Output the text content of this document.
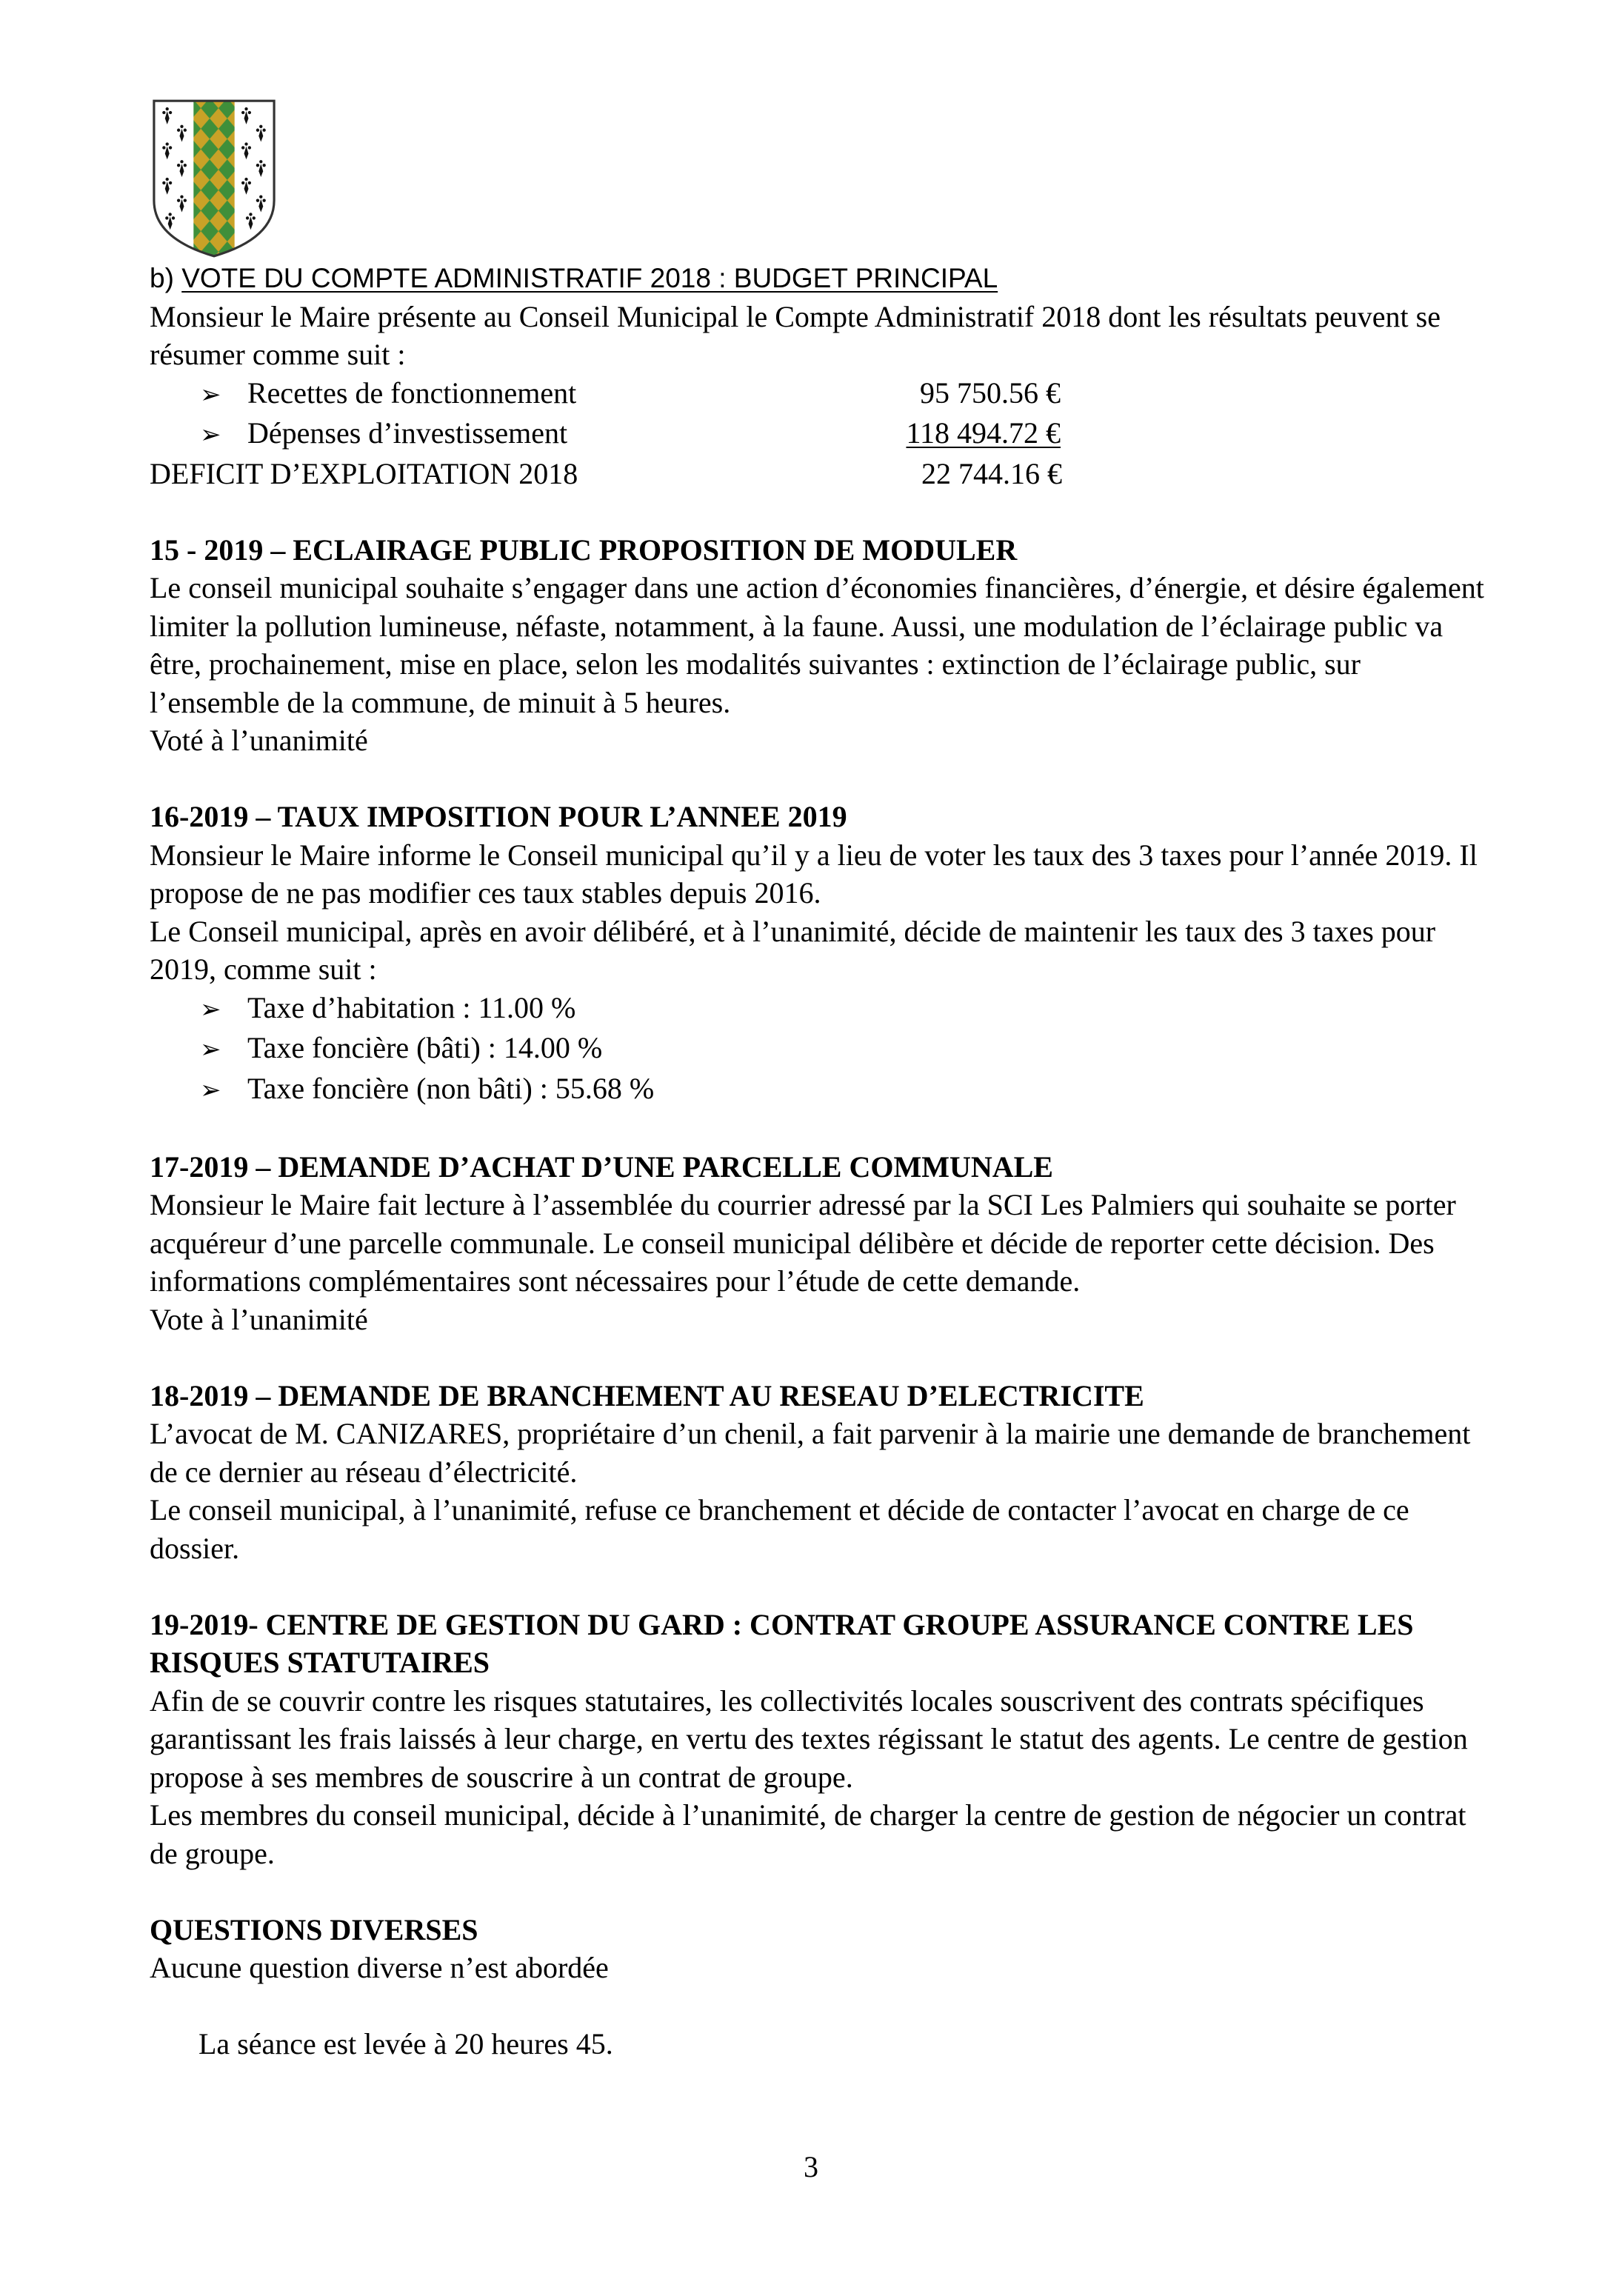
b) VOTE DU COMPTE ADMINISTRATIF 2018 : BUDGET PRINCIPAL

Monsieur le Maire présente au Conseil Municipal le Compte Administratif 2018 dont les résultats peuvent se résumer comme suit :

➢ Recettes de fonctionnement	95 750.56 €
➢ Dépenses d’investissement	118 494.72 €
DEFICIT D’EXPLOITATION 2018	22 744.16 €

15 - 2019 – ECLAIRAGE PUBLIC PROPOSITION DE MODULER

Le conseil municipal souhaite s’engager dans une action d’économies financières, d’énergie, et désire également limiter la pollution lumineuse, néfaste, notamment, à la faune. Aussi, une modulation de l’éclairage public va être, prochainement, mise en place, selon les modalités suivantes : extinction de l’éclairage public, sur l’ensemble de la commune, de minuit à 5 heures.

Voté à l’unanimité

16-2019 – TAUX IMPOSITION POUR L’ANNEE 2019

Monsieur le Maire informe le Conseil municipal qu’il y a lieu de voter les taux des 3 taxes pour l’année 2019. Il propose de ne pas modifier ces taux stables depuis 2016.

Le Conseil municipal, après en avoir délibéré, et à l’unanimité, décide de maintenir les taux des 3 taxes pour 2019, comme suit :

➢ Taxe d’habitation : 11.00 %
➢ Taxe foncière (bâti) : 14.00 %
➢ Taxe foncière (non bâti) : 55.68 %

17-2019 – DEMANDE D’ACHAT D’UNE PARCELLE COMMUNALE

Monsieur le Maire fait lecture à l’assemblée du courrier adressé par la SCI Les Palmiers qui souhaite se porter acquéreur d’une parcelle communale. Le conseil municipal délibère et décide de reporter cette décision. Des informations complémentaires sont nécessaires pour l’étude de cette demande.

Vote à l’unanimité

18-2019 – DEMANDE DE BRANCHEMENT AU RESEAU D’ELECTRICITE

L’avocat de M. CANIZARES, propriétaire d’un chenil, a fait parvenir à la mairie une demande de branchement de ce dernier au réseau d’électricité.

Le conseil municipal, à l’unanimité, refuse ce branchement et décide de contacter l’avocat en charge de ce dossier.

19-2019- CENTRE DE GESTION DU GARD : CONTRAT GROUPE ASSURANCE CONTRE LES RISQUES STATUTAIRES

Afin de se couvrir contre les risques statutaires, les collectivités locales souscrivent des contrats spécifiques garantissant les frais laissés à leur charge, en vertu des textes régissant le statut des agents. Le centre de gestion propose à ses membres de souscrire à un contrat de groupe.

Les membres du conseil municipal, décide à l’unanimité, de charger la centre de gestion de négocier un contrat de groupe.

QUESTIONS DIVERSES

Aucune question diverse n’est abordée

La séance est levée à 20 heures 45.

3
